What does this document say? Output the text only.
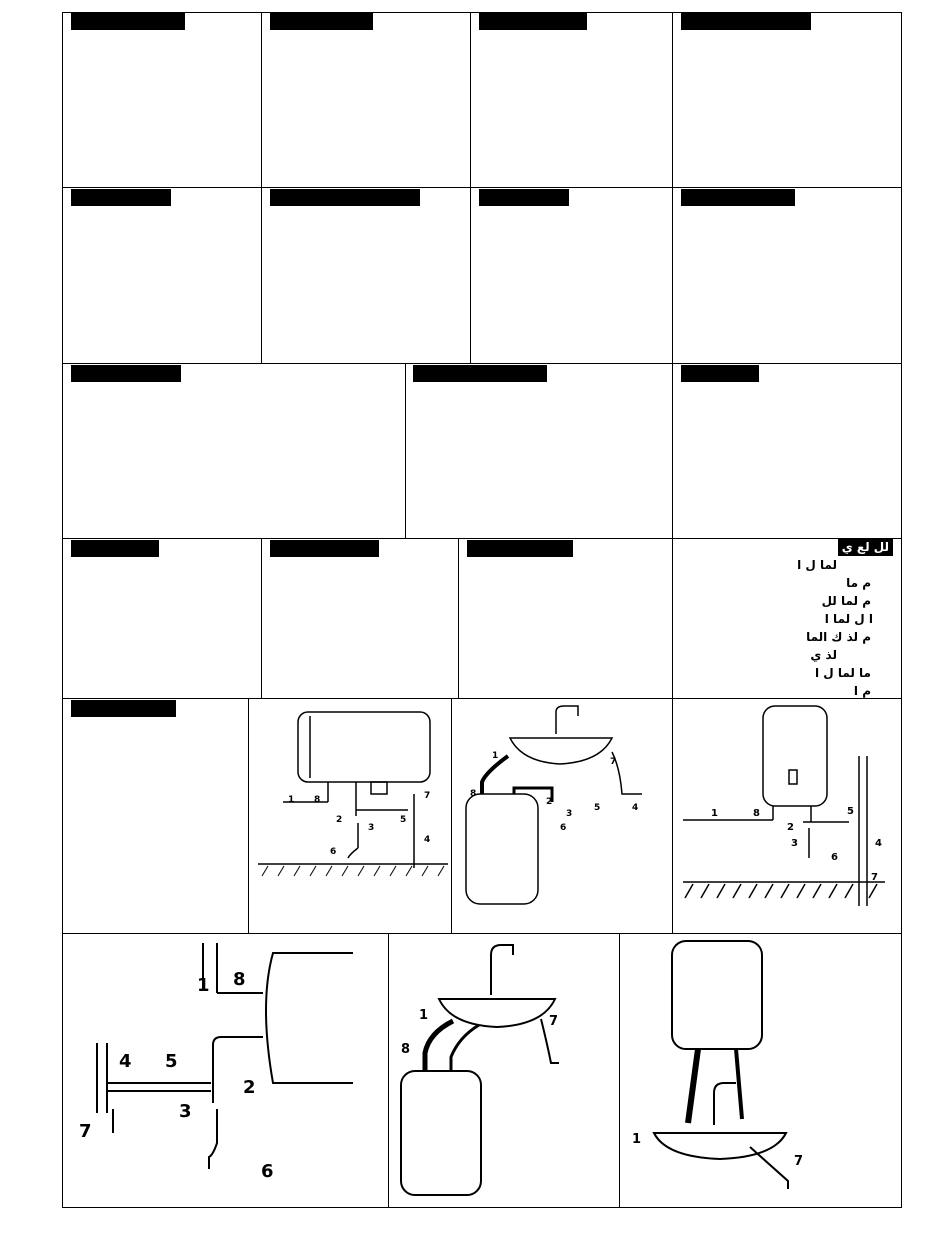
لل لع ي
لما ل ا
م ما
م لما لل
ا ل لما ا
م لذ ك الما
لذ ي
ما لما ل ا
م ا
1 8	7
2
3
5
4
6
1
7
8
2
3
5	4
6
1	8	5
2
4
3
6
7
1 8
4 5
2
3
7
6
1	7
8
1
7
